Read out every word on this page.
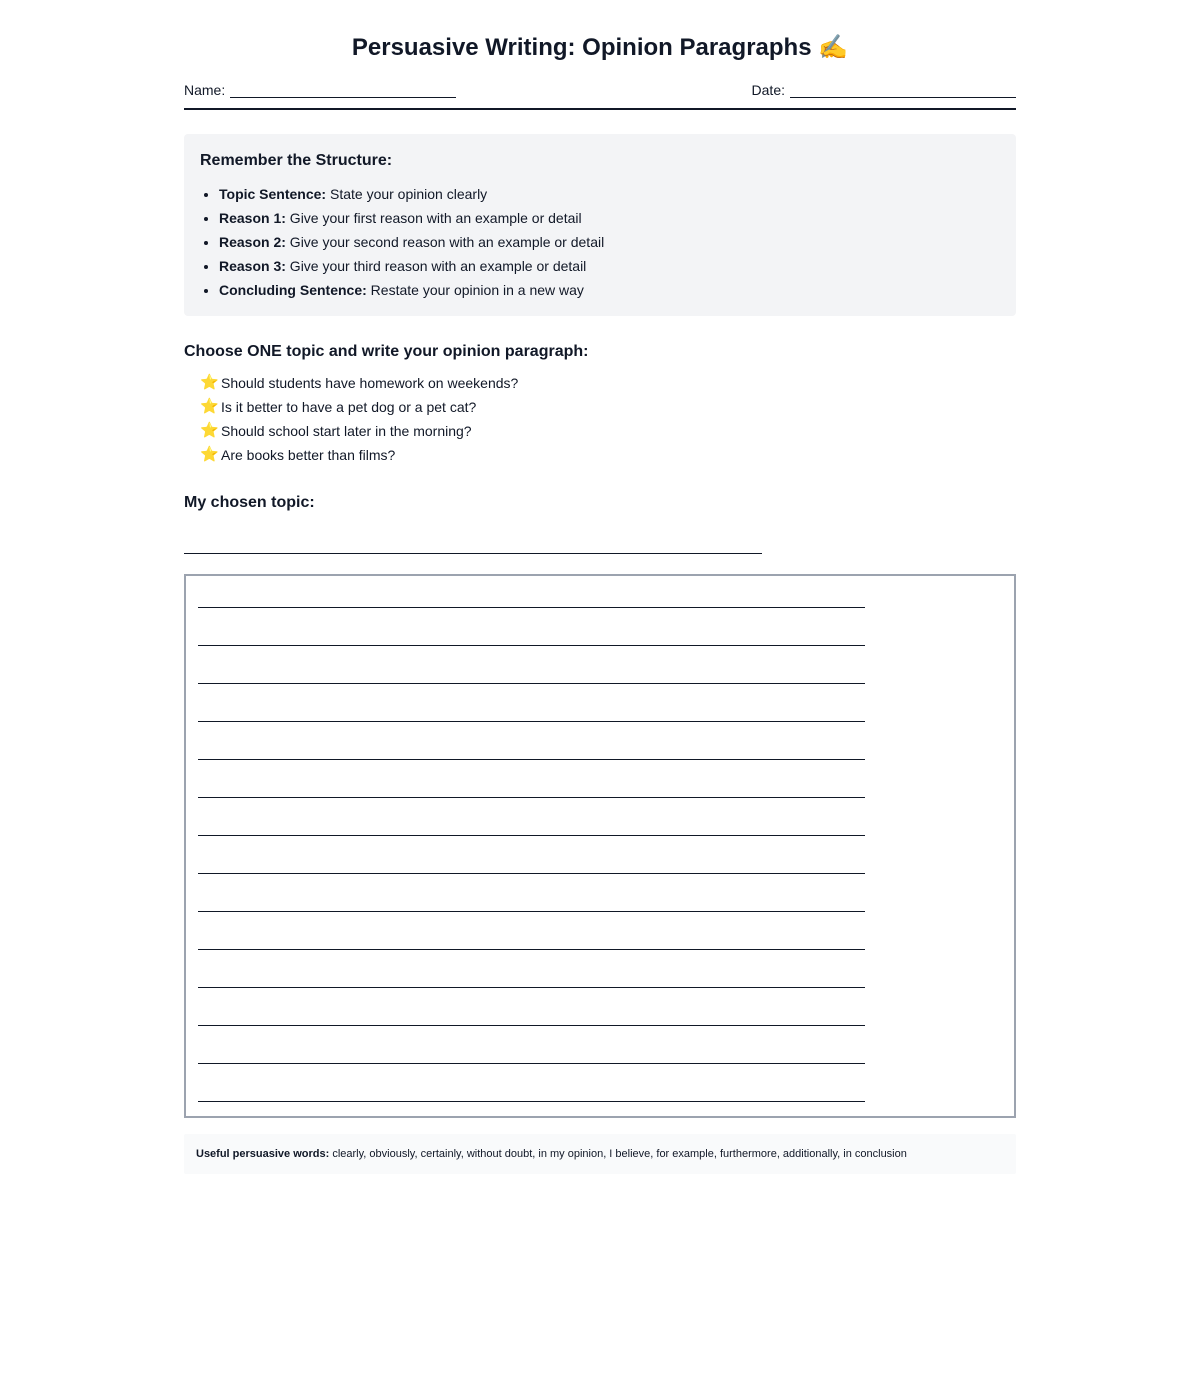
Persuasive Writing: Opinion Paragraphs ✍️
Name:	Date:
Remember the Structure:
• Topic Sentence: State your opinion clearly
• Reason 1: Give your first reason with an example or detail
• Reason 2: Give your second reason with an example or detail
• Reason 3: Give your third reason with an example or detail
• Concluding Sentence: Restate your opinion in a new way
Choose ONE topic and write your opinion paragraph:
⭐ Should students have homework on weekends?
⭐ Is it better to have a pet dog or a pet cat?
⭐ Should school start later in the morning?
⭐ Are books better than films?
My chosen topic:
Useful persuasive words: clearly, obviously, certainly, without doubt, in my opinion, I believe, for example, furthermore, additionally, in conclusion
